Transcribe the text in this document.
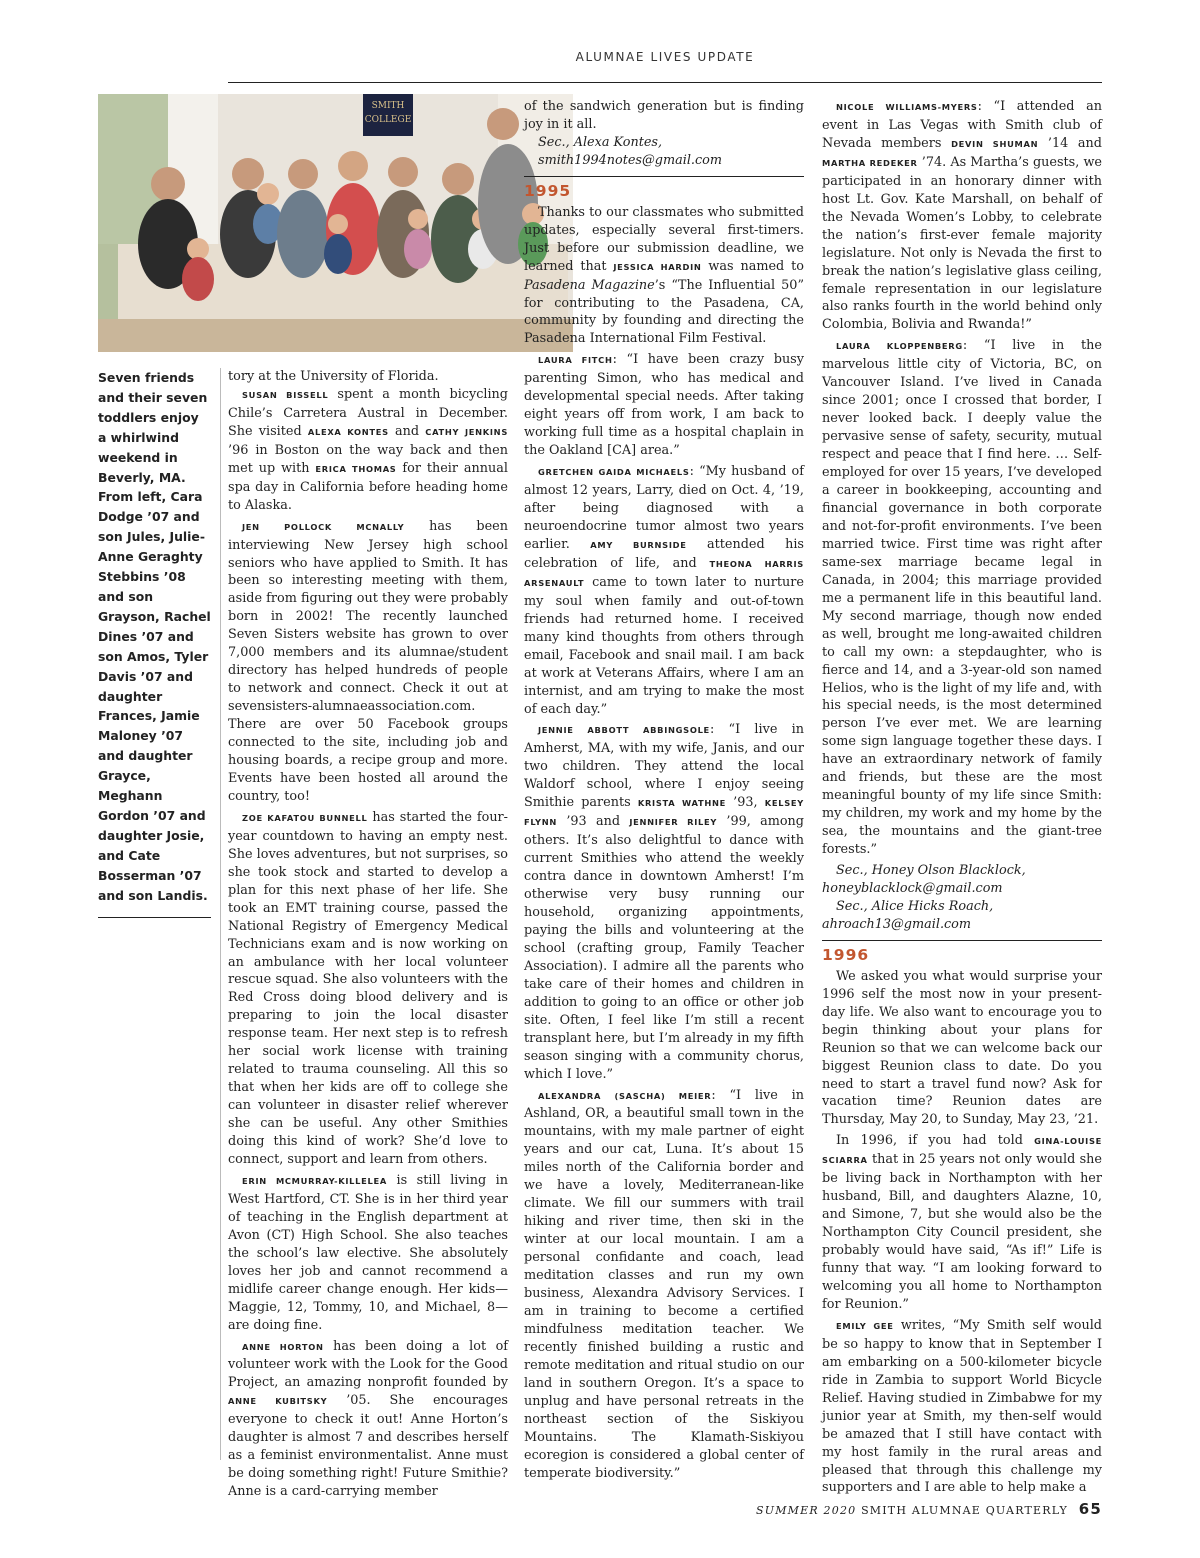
ALUMNAE LIVES UPDATE
SMITH
COLLEGE
Seven friends and their seven toddlers enjoy a whirlwind weekend in Beverly, MA. From left, Cara Dodge ’07 and son Jules, Julie-Anne Geraghty Stebbins ’08 and son Grayson, Rachel Dines ’07 and son Amos, Tyler Davis ’07 and daughter Frances, Jamie Maloney ’07 and daughter Grayce, Meghann Gordon ’07 and daughter Josie, and Cate Bosserman ’07 and son Landis.

tory at the University of Florida.

SUSAN BISSELL spent a month bicycling Chile’s Carretera Austral in December. She visited ALEXA KONTES and CATHY JENKINS ’96 in Boston on the way back and then met up with ERICA THOMAS for their annual spa day in California before heading home to Alaska.

JEN POLLOCK MCNALLY has been interviewing New Jersey high school seniors who have applied to Smith. It has been so interesting meeting with them, aside from figuring out they were probably born in 2002! The recently launched Seven Sisters website has grown to over 7,000 members and its alumnae/student directory has helped hundreds of people to network and connect. Check it out at sevensisters-alumnaeassociation.com. There are over 50 Facebook groups connected to the site, including job and housing boards, a recipe group and more. Events have been hosted all around the country, too!

ZOE KAFATOU BUNNELL has started the four-year countdown to having an empty nest. She loves adventures, but not surprises, so she took stock and started to develop a plan for this next phase of her life. She took an EMT training course, passed the National Registry of Emergency Medical Technicians exam and is now working on an ambulance with her local volunteer rescue squad. She also volunteers with the Red Cross doing blood delivery and is preparing to join the local disaster response team. Her next step is to refresh her social work license with training related to trauma counseling. All this so that when her kids are off to college she can volunteer in disaster relief wherever she can be useful. Any other Smithies doing this kind of work? She’d love to connect, support and learn from others.

ERIN MCMURRAY-KILLELEA is still living in West Hartford, CT. She is in her third year of teaching in the English department at Avon (CT) High School. She also teaches the school’s law elective. She absolutely loves her job and cannot recommend a midlife career change enough. Her kids—Maggie, 12, Tommy, 10, and Michael, 8—are doing fine.

ANNE HORTON has been doing a lot of volunteer work with the Look for the Good Project, an amazing nonprofit founded by ANNE KUBITSKY ’05. She encourages everyone to check it out! Anne Horton’s daughter is almost 7 and describes herself as a feminist environmentalist. Anne must be doing something right! Future Smithie? Anne is a card-carrying member

of the sandwich generation but is finding joy in it all.

Sec., Alexa Kontes,

smith1994notes@gmail.com

1995

Thanks to our classmates who submitted updates, especially several first-timers. Just before our submission deadline, we learned that JESSICA HARDIN was named to Pasadena Magazine’s “The Influential 50” for contributing to the Pasadena, CA, community by founding and directing the Pasadena International Film Festival.

LAURA FITCH: “I have been crazy busy parenting Simon, who has medical and developmental special needs. After taking eight years off from work, I am back to working full time as a hospital chaplain in the Oakland [CA] area.”

GRETCHEN GAIDA MICHAELS: “My husband of almost 12 years, Larry, died on Oct. 4, ’19, after being diagnosed with a neuroendocrine tumor almost two years earlier. AMY BURNSIDE attended his celebration of life, and THEONA HARRIS ARSENAULT came to town later to nurture my soul when family and out-of-town friends had returned home. I received many kind thoughts from others through email, Facebook and snail mail. I am back at work at Veterans Affairs, where I am an internist, and am trying to make the most of each day.”

JENNIE ABBOTT ABBINGSOLE: “I live in Amherst, MA, with my wife, Janis, and our two children. They attend the local Waldorf school, where I enjoy seeing Smithie parents KRISTA WATHNE ’93, KELSEY FLYNN ’93 and JENNIFER RILEY ’99, among others. It’s also delightful to dance with current Smithies who attend the weekly contra dance in downtown Amherst! I’m otherwise very busy running our household, organizing appointments, paying the bills and volunteering at the school (crafting group, Family Teacher Association). I admire all the parents who take care of their homes and children in addition to going to an office or other job site. Often, I feel like I’m still a recent transplant here, but I’m already in my fifth season singing with a community chorus, which I love.”

ALEXANDRA (SASCHA) MEIER: “I live in Ashland, OR, a beautiful small town in the mountains, with my male partner of eight years and our cat, Luna. It’s about 15 miles north of the California border and we have a lovely, Mediterranean-like climate. We fill our summers with trail hiking and river time, then ski in the winter at our local mountain. I am a personal confidante and coach, lead meditation classes and run my own business, Alexandra Advisory Services. I am in training to become a certified mindfulness meditation teacher. We recently finished building a rustic and remote meditation and ritual studio on our land in southern Oregon. It’s a space to unplug and have personal retreats in the northeast section of the Siskiyou Mountains. The Klamath-Siskiyou ecoregion is considered a global center of temperate biodiversity.”

NICOLE WILLIAMS-MYERS: “I attended an event in Las Vegas with Smith club of Nevada members DEVIN SHUMAN ’14 and MARTHA REDEKER ’74. As Martha’s guests, we participated in an honorary dinner with host Lt. Gov. Kate Marshall, on behalf of the Nevada Women’s Lobby, to celebrate the nation’s first-ever female majority legislature. Not only is Nevada the first to break the nation’s legislative glass ceiling, female representation in our legislature also ranks fourth in the world behind only Colombia, Bolivia and Rwanda!”

LAURA KLOPPENBERG: “I live in the marvelous little city of Victoria, BC, on Vancouver Island. I’ve lived in Canada since 2001; once I crossed that border, I never looked back. I deeply value the pervasive sense of safety, security, mutual respect and peace that I find here. … Self-employed for over 15 years, I’ve developed a career in bookkeeping, accounting and financial governance in both corporate and not-for-profit environments. I’ve been married twice. First time was right after same-sex marriage became legal in Canada, in 2004; this marriage provided me a permanent life in this beautiful land. My second marriage, though now ended as well, brought me long-awaited children to call my own: a stepdaughter, who is fierce and 14, and a 3-year-old son named Helios, who is the light of my life and, with his special needs, is the most determined person I’ve ever met. We are learning some sign language together these days. I have an extraordinary network of family and friends, but these are the most meaningful bounty of my life since Smith: my children, my work and my home by the sea, the mountains and the giant-tree forests.”

Sec., Honey Olson Blacklock,

honeyblacklock@gmail.com

Sec., Alice Hicks Roach,

ahroach13@gmail.com

1996

We asked you what would surprise your 1996 self the most now in your present-day life. We also want to encourage you to begin thinking about your plans for Reunion so that we can welcome back our biggest Reunion class to date. Do you need to start a travel fund now? Ask for vacation time? Reunion dates are Thursday, May 20, to Sunday, May 23, ’21.

In 1996, if you had told GINA-LOUISE SCIARRA that in 25 years not only would she be living back in Northampton with her husband, Bill, and daughters Alazne, 10, and Simone, 7, but she would also be the Northampton City Council president, she probably would have said, “As if!” Life is funny that way. “I am looking forward to welcoming you all home to Northampton for Reunion.”

EMILY GEE writes, “My Smith self would be so happy to know that in September I am embarking on a 500-kilometer bicycle ride in Zambia to support World Bicycle Relief. Having studied in Zimbabwe for my junior year at Smith, my then-self would be amazed that I still have contact with my host family in the rural areas and pleased that through this challenge my supporters and I are able to help make a

SUMMER 2020 SMITH ALUMNAE QUARTERLY 65
